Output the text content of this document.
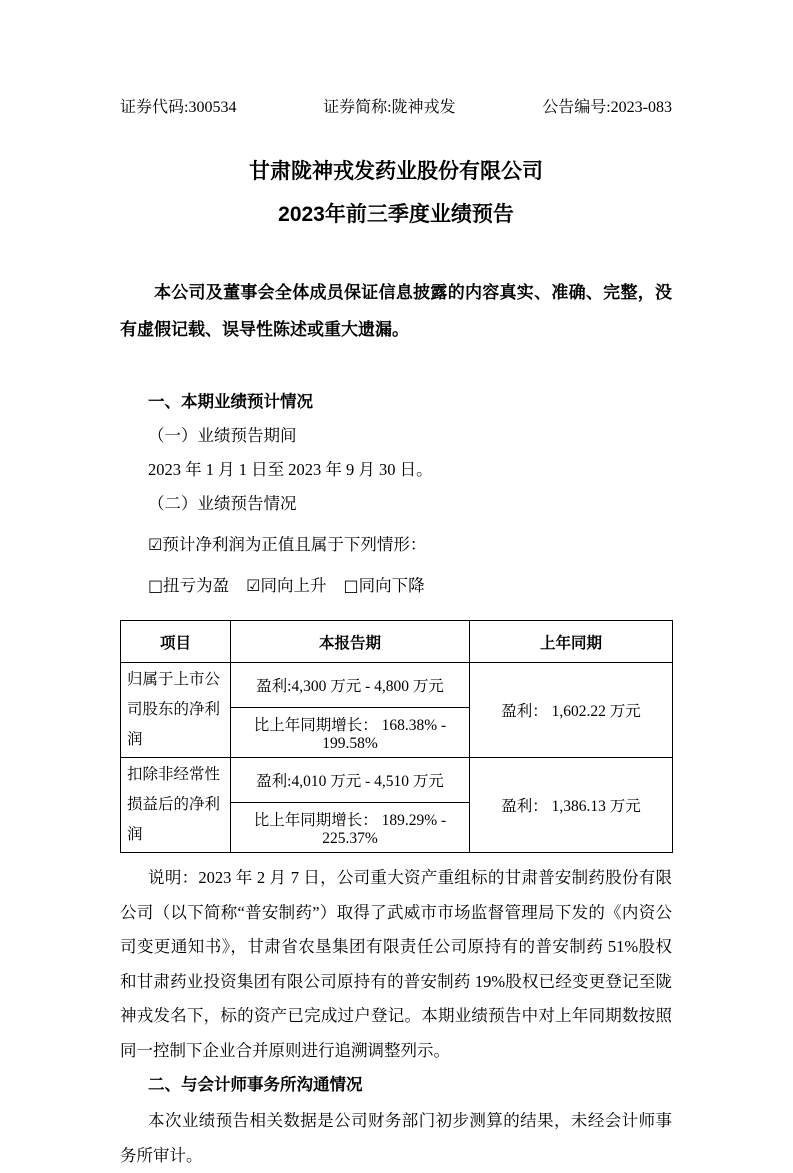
证券代码:300534	证券简称:陇神戎发	公告编号:2023-083
甘肃陇神戎发药业股份有限公司
2023年前三季度业绩预告

本公司及董事会全体成员保证信息披露的内容真实、准确、完整，没有虚假记载、误导性陈述或重大遗漏。

一、本期业绩预计情况

（一）业绩预告期间

2023 年 1 月 1 日至 2023 年 9 月 30 日。

（二）业绩预告情况

☑预计净利润为正值且属于下列情形：

□扭亏为盈 ☑同向上升 □同向下降

项目	本报告期	上年同期
归属于上市公司股东的净利润	盈利:4,300 万元 - 4,800 万元	盈利： 1,602.22 万元
	比上年同期增长： 168.38% - 199.58%	
扣除非经常性损益后的净利润	盈利:4,010 万元 - 4,510 万元	盈利： 1,386.13 万元
	比上年同期增长： 189.29% - 225.37%	

说明：2023 年 2 月 7 日，公司重大资产重组标的甘肃普安制药股份有限公司（以下简称“普安制药”）取得了武威市市场监督管理局下发的《内资公司变更通知书》，甘肃省农垦集团有限责任公司原持有的普安制药 51%股权和甘肃药业投资集团有限公司原持有的普安制药 19%股权已经变更登记至陇神戎发名下，标的资产已完成过户登记。本期业绩预告中对上年同期数按照同一控制下企业合并原则进行追溯调整列示。

二、与会计师事务所沟通情况

本次业绩预告相关数据是公司财务部门初步测算的结果，未经会计师事务所审计。
